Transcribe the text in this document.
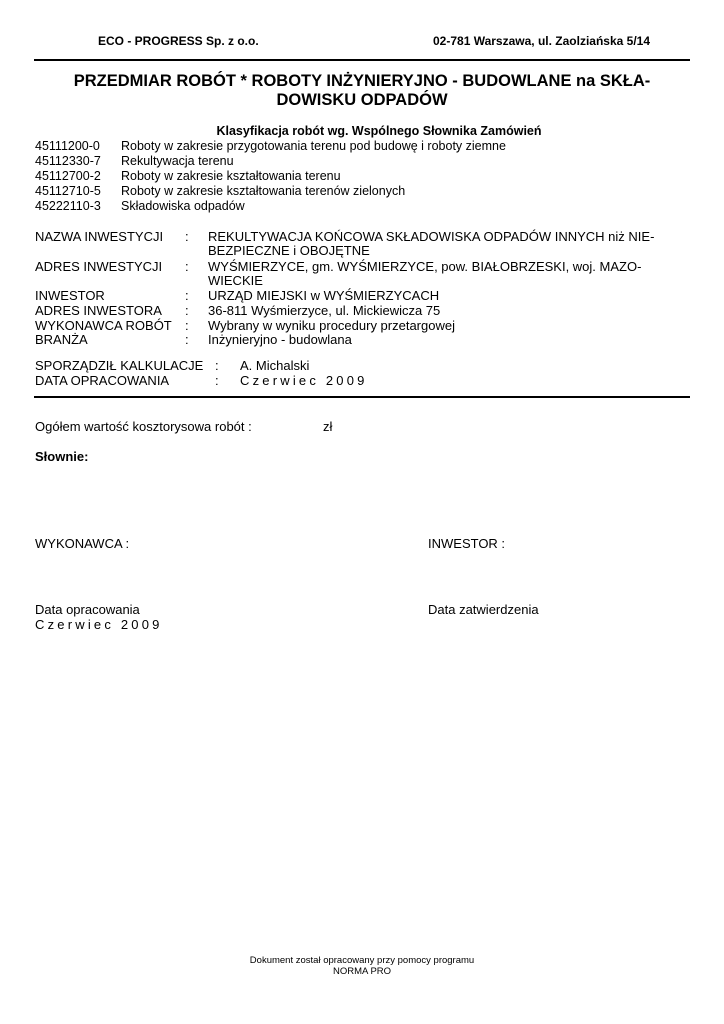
ECO - PROGRESS Sp. z o.o.	02-781 Warszawa, ul. Zaolziańska 5/14
PRZEDMIAR ROBÓT * ROBOTY INŻYNIERYJNO - BUDOWLANE na SKŁA-
DOWISKU ODPADÓW
Klasyfikacja robót wg. Wspólnego Słownika Zamówień
45111200-0 Roboty w zakresie przygotowania terenu pod budowę i roboty ziemne
45112330-7 Rekultywacja terenu
45112700-2 Roboty w zakresie kształtowania terenu
45112710-5 Roboty w zakresie kształtowania terenów zielonych
45222110-3 Składowiska odpadów
NAZWA INWESTYCJI : REKULTYWACJA KOŃCOWA SKŁADOWISKA ODPADÓW INNYCH niż NIE-
BEZPIECZNE i OBOJĘTNE
ADRES INWESTYCJI : WYŚMIERZYCE, gm. WYŚMIERZYCE, pow. BIAŁOBRZESKI, woj. MAZO-
WIECKIE
INWESTOR	: URZĄD MIEJSKI w WYŚMIERZYCACH
ADRES INWESTORA : 36-811 Wyśmierzyce, ul. Mickiewicza 75
WYKONAWCA ROBÓT : Wybrany w wyniku procedury przetargowej
BRANŻA	: Inżynieryjno - budowlana
SPORZĄDZIŁ KALKULACJE : A. Michalski
DATA OPRACOWANIA	: Czerwiec 2009
Ogółem wartość kosztorysowa robót :	zł
Słownie:
WYKONAWCA :	INWESTOR :
Data opracowania
Czerwiec 2009
Data zatwierdzenia
Dokument został opracowany przy pomocy programu
NORMA PRO
